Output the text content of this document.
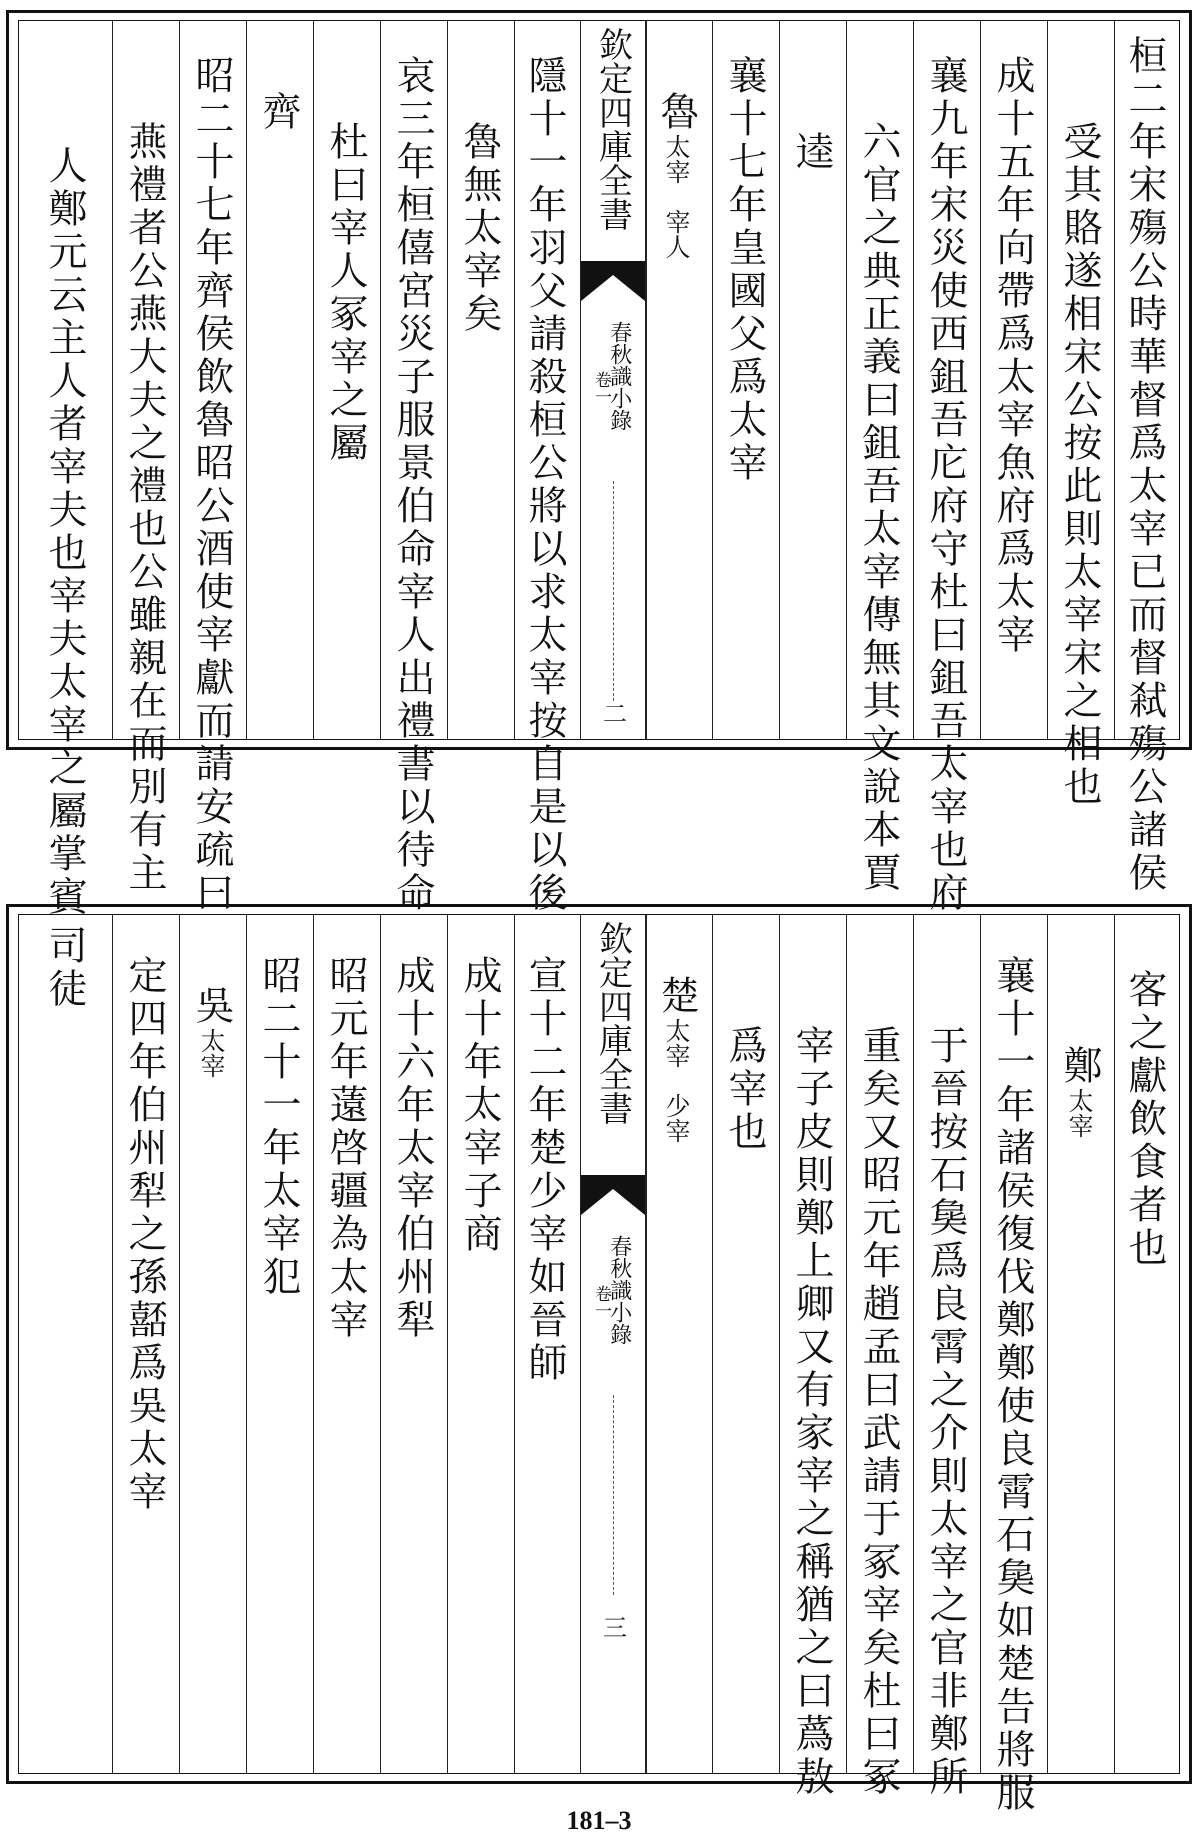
桓二年宋殤公時華督爲太宰已而督弒殤公諸侯
受其賂遂相宋公按此則太宰宋之相也
成十五年向帶爲太宰魚府爲太宰
襄九年宋災使西鉏吾庀府守杜曰鉏吾太宰也府
六官之典正義曰鉏吾太宰傳無其文說本賈
逵
襄十七年皇國父爲太宰
欽定四庫全書
春秋識小錄
卷一
二
魯太宰　宰人
隱十一年羽父請殺桓公將以求太宰按自是以後
魯無太宰矣
哀三年桓僖宮災子服景伯命宰人出禮書以待命
杜曰宰人冢宰之屬
齊
昭二十七年齊侯飲魯昭公酒使宰獻而請安疏曰
燕禮者公燕大夫之禮也公雖親在而別有主
人鄭元云主人者宰夫也宰夫太宰之屬掌賓
客之獻飲食者也
鄭太宰
襄十一年諸侯復伐鄭鄭使良霄石㚟如楚告將服
于晉按石㚟爲良霄之介則太宰之官非鄭所
重矣又昭元年趙孟曰武請于冢宰矣杜曰冢
宰子皮則鄭上卿又有家宰之稱猶之曰蔿敖
爲宰也
欽定四庫全書
春秋識小錄
卷一
三
楚太宰　少宰
宣十二年楚少宰如晉師
成十年太宰子商
成十六年太宰伯州犁
昭元年薳啓疆為太宰
昭二十一年太宰犯
吳太宰
定四年伯州犁之孫嚭爲吳太宰
司徒
181–3
